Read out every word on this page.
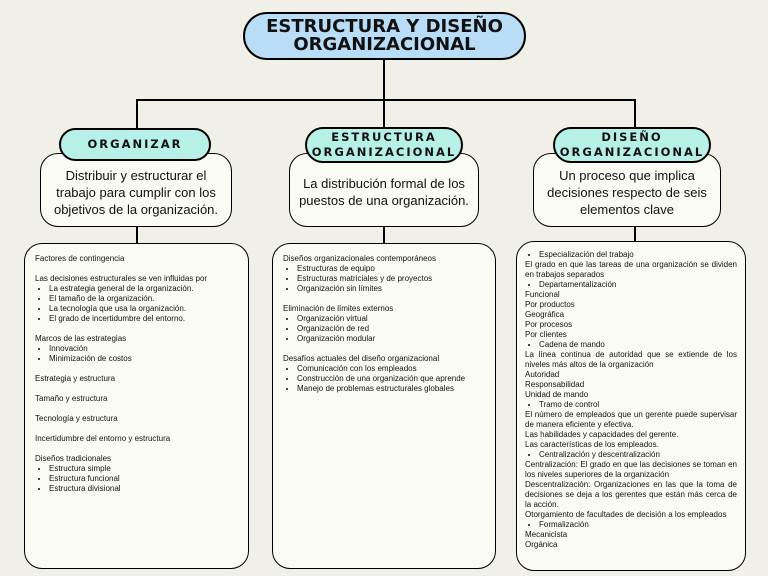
ESTRUCTURA Y DISEÑO
ORGANIZACIONAL
ORGANIZAR	ESTRUCTURA
ORGANIZACIONAL
DISEÑO
ORGANIZACIONAL
Distribuir y estructurar el trabajo para cumplir con los objetivos de la organización.
La distribución formal de los puestos de una organización.
Un proceso que implica decisiones respecto de seis elementos clave

Factores de contingencia

Las decisiones estructurales se ven influidas por

• La estrategia general de la organización.
• El tamaño de la organización.
• La tecnología que usa la organización.
• El grado de incertidumbre del entorno.

Marcos de las estrategias

• Innovación
• Minimización de costos

Estrategia y estructura

Tamaño y estructura

Tecnología y estructura

Incertidumbre del entorno y estructura

Diseños tradicionales

• Estructura simple
• Estructura funcional
• Estructura divisional

Diseños organizacionales contemporáneos

• Estructuras de equipo
• Estructuras matriciales y de proyectos
• Organización sin límites

Eliminación de límites externos

• Organización virtual
• Organización de red
• Organización modular

Desafíos actuales del diseño organizacional

• Comunicación con los empleados
• Construcción de una organización que aprende
• Manejo de problemas estructurales globales
• Especialización del trabajo

El grado en que las tareas de una organización se dividen en trabajos separados

• Departamentalización

Funcional

Por productos

Geográfica

Por procesos

Por clientes

• Cadena de mando

La línea continua de autoridad que se extiende de los niveles más altos de la organización

Autoridad

Responsabilidad

Unidad de mando

• Tramo de control

El número de empleados que un gerente puede supervisar de manera eficiente y efectiva.

Las habilidades y capacidades del gerente.

Las características de los empleados.

• Centralización y descentralización

Centralización: El grado en que las decisiones se toman en los niveles superiores de la organización

Descentralización: Organizaciones en las que la toma de decisiones se deja a los gerentes que están más cerca de la acción.

Otorgamiento de facultades de decisión a los empleados

• Formalización

Mecanicista

Orgánica
